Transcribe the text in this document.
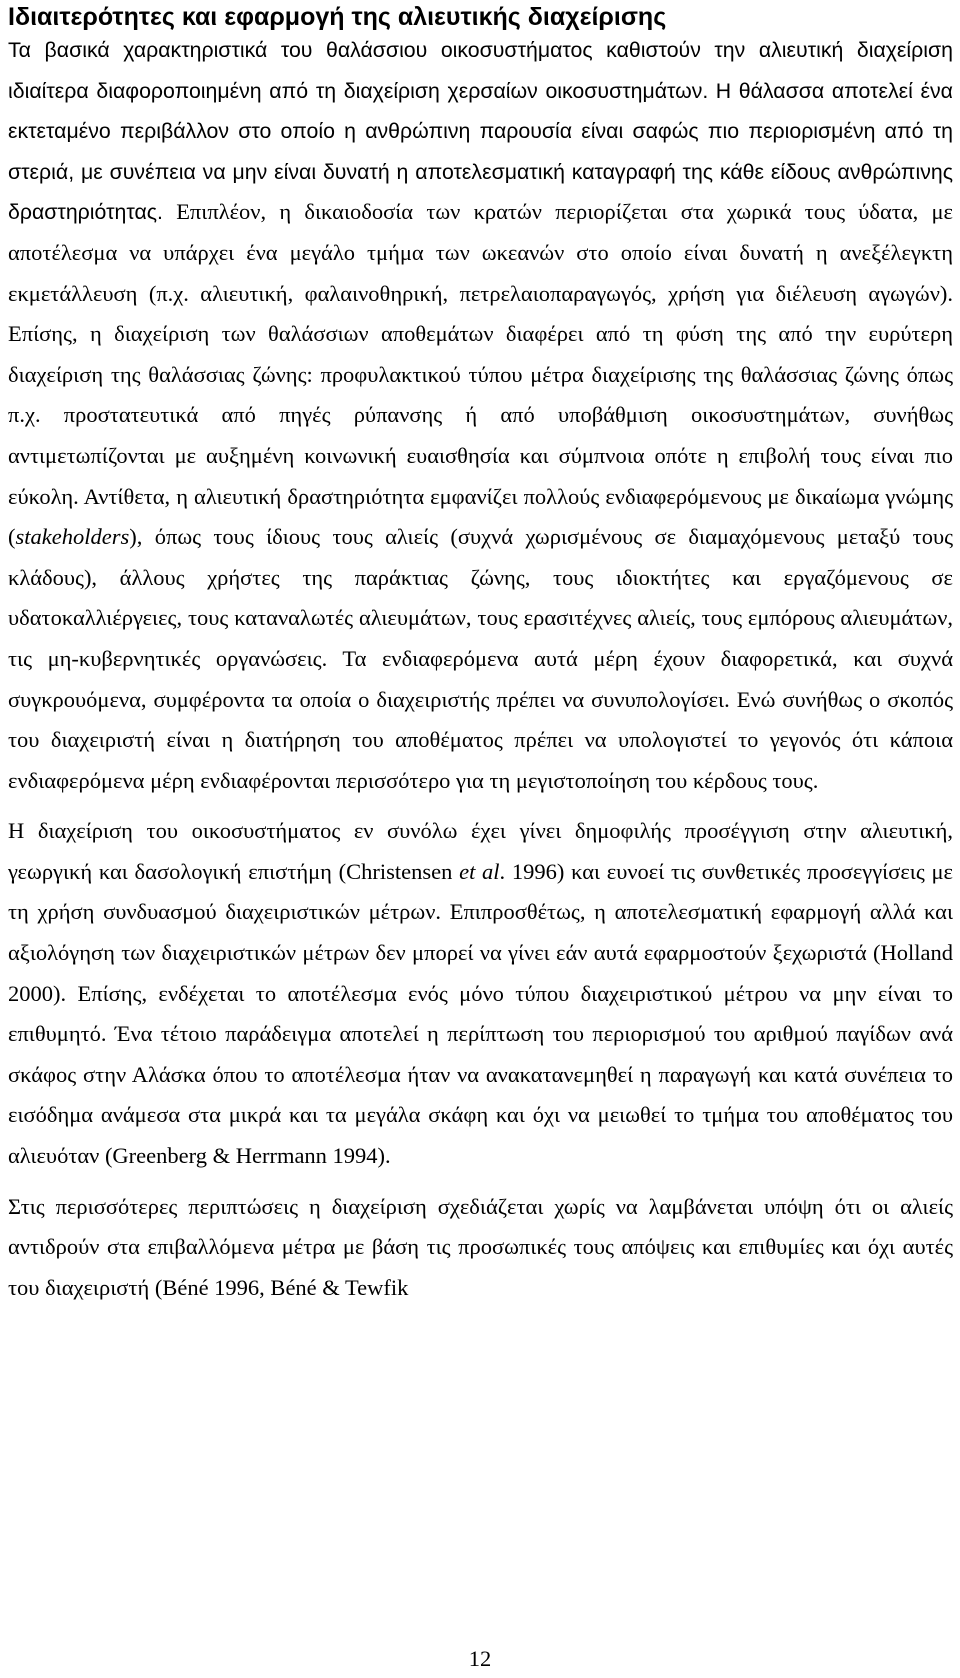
Ιδιαιτερότητες και εφαρμογή της αλιευτικής διαχείρισης

Τα βασικά χαρακτηριστικά του θαλάσσιου οικοσυστήματος καθιστούν την αλιευτική διαχείριση ιδιαίτερα διαφοροποιημένη από τη διαχείριση χερσαίων οικοσυστημάτων. Η θάλασσα αποτελεί ένα εκτεταμένο περιβάλλον στο οποίο η ανθρώπινη παρουσία είναι σαφώς πιο περιορισμένη από τη στεριά, με συνέπεια να μην είναι δυνατή η αποτελεσματική καταγραφή της κάθε είδους ανθρώπινης δραστηριότητας. Επιπλέον, η δικαιοδοσία των κρατών περιορίζεται στα χωρικά τους ύδατα, με αποτέλεσμα να υπάρχει ένα μεγάλο τμήμα των ωκεανών στο οποίο είναι δυνατή η ανεξέλεγκτη εκμετάλλευση (π.χ. αλιευτική, φαλαινοθηρική, πετρελαιοπαραγωγός, χρήση για διέλευση αγωγών). Επίσης, η διαχείριση των θαλάσσιων αποθεμάτων διαφέρει από τη φύση της από την ευρύτερη διαχείριση της θαλάσσιας ζώνης: προφυλακτικού τύπου μέτρα διαχείρισης της θαλάσσιας ζώνης όπως π.χ. προστατευτικά από πηγές ρύπανσης ή από υποβάθμιση οικοσυστημάτων, συνήθως αντιμετωπίζονται με αυξημένη κοινωνική ευαισθησία και σύμπνοια οπότε η επιβολή τους είναι πιο εύκολη. Αντίθετα, η αλιευτική δραστηριότητα εμφανίζει πολλούς ενδιαφερόμενους με δικαίωμα γνώμης (stakeholders), όπως τους ίδιους τους αλιείς (συχνά χωρισμένους σε διαμαχόμενους μεταξύ τους κλάδους), άλλους χρήστες της παράκτιας ζώνης, τους ιδιοκτήτες και εργαζόμενους σε υδατοκαλλιέργειες, τους καταναλωτές αλιευμάτων, τους ερασιτέχνες αλιείς, τους εμπόρους αλιευμάτων, τις μη-κυβερνητικές οργανώσεις. Τα ενδιαφερόμενα αυτά μέρη έχουν διαφορετικά, και συχνά συγκρουόμενα, συμφέροντα τα οποία ο διαχειριστής πρέπει να συνυπολογίσει. Ενώ συνήθως ο σκοπός του διαχειριστή είναι η διατήρηση του αποθέματος πρέπει να υπολογιστεί το γεγονός ότι κάποια ενδιαφερόμενα μέρη ενδιαφέρονται περισσότερο για τη μεγιστοποίηση του κέρδους τους.

Η διαχείριση του οικοσυστήματος εν συνόλω έχει γίνει δημοφιλής προσέγγιση στην αλιευτική, γεωργική και δασολογική επιστήμη (Christensen et al. 1996) και ευνοεί τις συνθετικές προσεγγίσεις με τη χρήση συνδυασμού διαχειριστικών μέτρων. Επιπροσθέτως, η αποτελεσματική εφαρμογή αλλά και αξιολόγηση των διαχειριστικών μέτρων δεν μπορεί να γίνει εάν αυτά εφαρμοστούν ξεχωριστά (Holland 2000). Επίσης, ενδέχεται το αποτέλεσμα ενός μόνο τύπου διαχειριστικού μέτρου να μην είναι το επιθυμητό. Ένα τέτοιο παράδειγμα αποτελεί η περίπτωση του περιορισμού του αριθμού παγίδων ανά σκάφος στην Αλάσκα όπου το αποτέλεσμα ήταν να ανακατανεμηθεί η παραγωγή και κατά συνέπεια το εισόδημα ανάμεσα στα μικρά και τα μεγάλα σκάφη και όχι να μειωθεί το τμήμα του αποθέματος του αλιευόταν (Greenberg & Herrmann 1994).

Στις περισσότερες περιπτώσεις η διαχείριση σχεδιάζεται χωρίς να λαμβάνεται υπόψη ότι οι αλιείς αντιδρούν στα επιβαλλόμενα μέτρα με βάση τις προσωπικές τους απόψεις και επιθυμίες και όχι αυτές του διαχειριστή (Béné 1996, Béné & Tewfik

12
